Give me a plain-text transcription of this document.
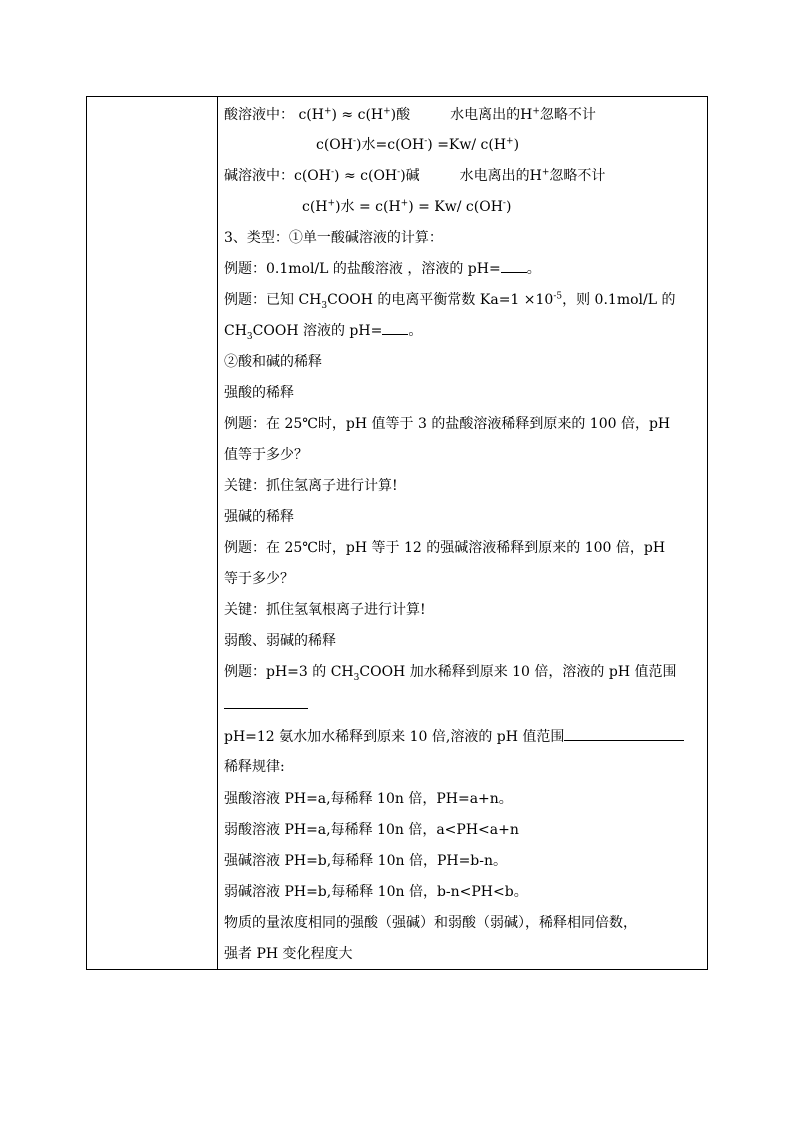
酸溶液中： c(H+) ≈ c(H+)酸	水电离出的H+忽略不计
c(OH-)水=c(OH-) =Kw/ c(H+)
碱溶液中：c(OH-) ≈ c(OH-)碱	水电离出的H+忽略不计
c(H+)水 = c(H+) = Kw/ c(OH-)
3、类型：①单一酸碱溶液的计算：
例题：0.1mol/L 的盐酸溶液 ，溶液的 pH= 。
例题：已知 $CH_3COOH$ 的电离平衡常数 $Ka=1 \times 10^{-5}$，则 0.1mol/L 的
$CH_3COOH$ 溶液的 pH= 。
②酸和碱的稀释
强酸的稀释
例题：在 25℃时，pH 值等于 3 的盐酸溶液稀释到原来的 100 倍，pH
值等于多少？
关键：抓住氢离子进行计算!
强碱的稀释
例题：在 25℃时，pH 等于 12 的强碱溶液稀释到原来的 100 倍，pH
等于多少？
关键：抓住氢氧根离子进行计算!
弱酸、弱碱的稀释
例题：pH=3 的 $CH_3COOH$ 加水稀释到原来 10 倍，溶液的 pH 值范围
pH=12 氨水加水稀释到原来 10 倍,溶液的 pH 值范围
稀释规律:
强酸溶液 PH=a,每稀释 10n 倍，PH=a+n。
弱酸溶液 PH=a,每稀释 10n 倍，a<PH<a+n
强碱溶液 PH=b,每稀释 10n 倍，PH=b-n。
弱碱溶液 PH=b,每稀释 10n 倍，b-n<PH<b。
物质的量浓度相同的强酸（强碱）和弱酸（弱碱），稀释相同倍数，
强者 PH 变化程度大
